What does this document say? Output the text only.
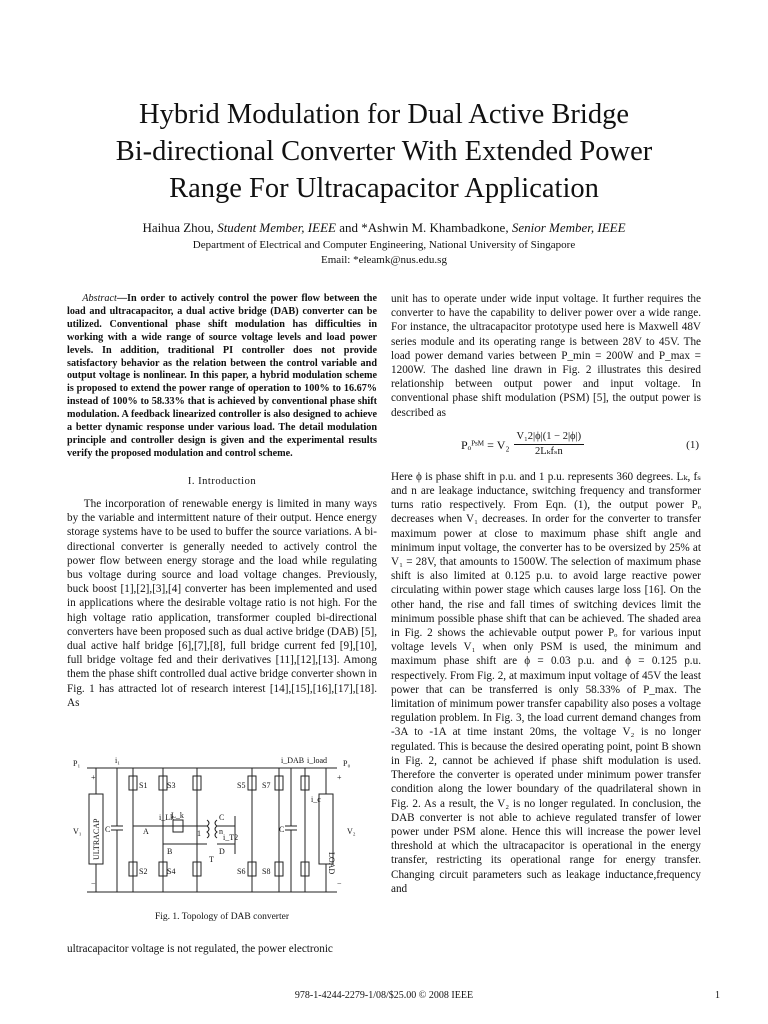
Hybrid Modulation for Dual Active Bridge
Bi-directional Converter With Extended Power
Range For Ultracapacitor Application
Haihua Zhou, Student Member, IEEE and *Ashwin M. Khambadkone, Senior Member, IEEE
Department of Electrical and Computer Engineering, National University of Singapore
Email: *eleamk@nus.edu.sg

Abstract—In order to actively control the power flow between the load and ultracapacitor, a dual active bridge (DAB) converter can be utilized. Conventional phase shift modulation has difficulties in working with a wide range of source voltage levels and load power levels. In addition, traditional PI controller does not provide satisfactory behavior as the relation between the control variable and output voltage is nonlinear. In this paper, a hybrid modulation scheme is proposed to extend the power range of operation to 100% to 16.67% instead of 100% to 58.33% that is achieved by conventional phase shift modulation. A feedback linearized controller is also designed to achieve a better dynamic response under various load. The detail modulation principle and controller design is given and the experimental results verify the proposed modulation and control scheme.

I. Introduction

The incorporation of renewable energy is limited in many ways by the variable and intermittent nature of their output. Hence energy storage systems have to be used to buffer the source variations. A bi-directional converter is generally needed to actively control the power flow between energy storage and the load while regulating bus voltage during source and load voltage changes. Previously, buck boost [1],[2],[3],[4] converter has been implemented and used in applications where the desirable voltage ratio is not high. For the high voltage ratio application, transformer coupled bi-directional converters have been proposed such as dual active bridge (DAB) [5], dual active half bridge [6],[7],[8], full bridge current fed [9],[10], full bridge voltage fed and their derivatives [11],[12],[13]. Among them the phase shift controlled dual active bridge converter shown in Fig. 1 has attracted lot of research interest [14],[15],[16],[17],[18]. As

P₁	i₁	i_DAB i_load P₀
i_c
V₁	V₂
C	C
S1 S3
S2 S4
S5 S7
S6 S8
A
B
C
D
L_k
i_Lk
i_T2
1 n
T
+
−
+
−
ULTRACAP
LOAD
Fig. 1. Topology of DAB converter
ultracapacitor voltage is not regulated, the power electronic

unit has to operate under wide input voltage. It further requires the converter to have the capability to deliver power over a wide range. For instance, the ultracapacitor prototype used here is Maxwell 48V series module and its operating range is between 28V to 45V. The load power demand varies between P_min = 200W and P_max = 1200W. The dashed line drawn in Fig. 2 illustrates this desired relationship between output power and input voltage. In conventional phase shift modulation (PSM) [5], the output power is described as

Pₒᴾˢᴹ = $V_2 \frac{\text{V₁2|ϕ|(1 − 2|ϕ|)}}{\text{2Lₖfₛn}}$	(1)

Here ϕ is phase shift in p.u. and 1 p.u. represents 360 degrees. Lₖ, fₛ and n are leakage inductance, switching frequency and transformer turns ratio respectively. From Eqn. (1), the output power Pₒ decreases when V₁ decreases. In order for the converter to transfer maximum power at close to maximum phase shift angle and minimum input voltage, the converter has to be oversized by 25% at V₁ = 28V, that amounts to 1500W. The selection of maximum phase shift is also limited at 0.125 p.u. to avoid large reactive power circulating within power stage which causes large loss [16]. On the other hand, the rise and fall times of switching devices limit the minimum possible phase shift that can be achieved. The shaded area in Fig. 2 shows the achievable output power Pₒ for various input voltage levels V₁ when only PSM is used, the minimum and maximum phase shift are ϕ = 0.03 p.u. and ϕ = 0.125 p.u. respectively. From Fig. 2, at maximum input voltage of 45V the least power that can be transferred is only 58.33% of P_max. The limitation of minimum power transfer capability also poses a voltage regulation problem. In Fig. 3, the load current demand changes from -3A to -1A at time instant 20ms, the voltage V₂ is no longer regulated. This is because the desired operating point, point B shown in Fig. 2, cannot be achieved if phase shift modulation is used. Therefore the converter is operated under minimum power transfer condition along the lower boundary of the quadrilateral shown in Fig. 2. As a result, the V₂ is no longer regulated. In conclusion, the DAB converter is not able to achieve regulated transfer of lower power under PSM alone. Hence this will increase the power level threshold at which the ultracapacitor is operational in the energy transfer, restricting its operational range for energy transfer. Changing circuit parameters such as leakage inductance,frequency and

978-1-4244-2279-1/08/$25.00 © 2008 IEEE	1
